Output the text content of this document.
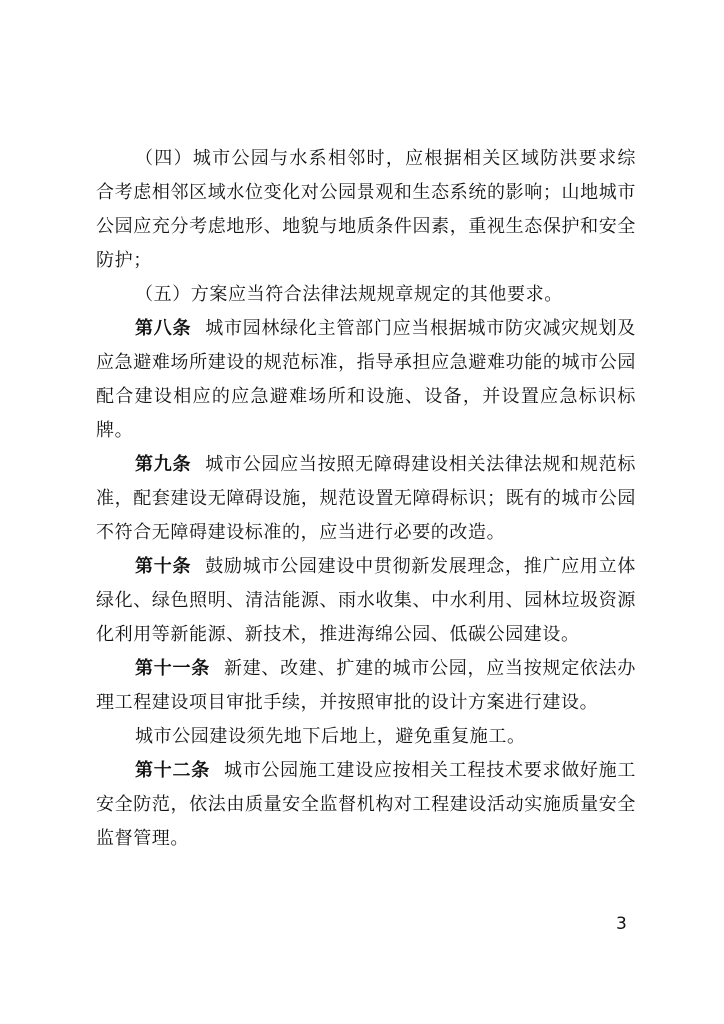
（四）城市公园与水系相邻时，应根据相关区域防洪要求综合考虑相邻区域水位变化对公园景观和生态系统的影响；山地城市公园应充分考虑地形、地貌与地质条件因素，重视生态保护和安全防护；

（五）方案应当符合法律法规规章规定的其他要求。

第八条 城市园林绿化主管部门应当根据城市防灾减灾规划及应急避难场所建设的规范标准，指导承担应急避难功能的城市公园配合建设相应的应急避难场所和设施、设备，并设置应急标识标牌。

第九条 城市公园应当按照无障碍建设相关法律法规和规范标准，配套建设无障碍设施，规范设置无障碍标识；既有的城市公园不符合无障碍建设标准的，应当进行必要的改造。

第十条 鼓励城市公园建设中贯彻新发展理念，推广应用立体绿化、绿色照明、清洁能源、雨水收集、中水利用、园林垃圾资源化利用等新能源、新技术，推进海绵公园、低碳公园建设。

第十一条 新建、改建、扩建的城市公园，应当按规定依法办理工程建设项目审批手续，并按照审批的设计方案进行建设。

城市公园建设须先地下后地上，避免重复施工。

第十二条 城市公园施工建设应按相关工程技术要求做好施工安全防范，依法由质量安全监督机构对工程建设活动实施质量安全监督管理。

3
